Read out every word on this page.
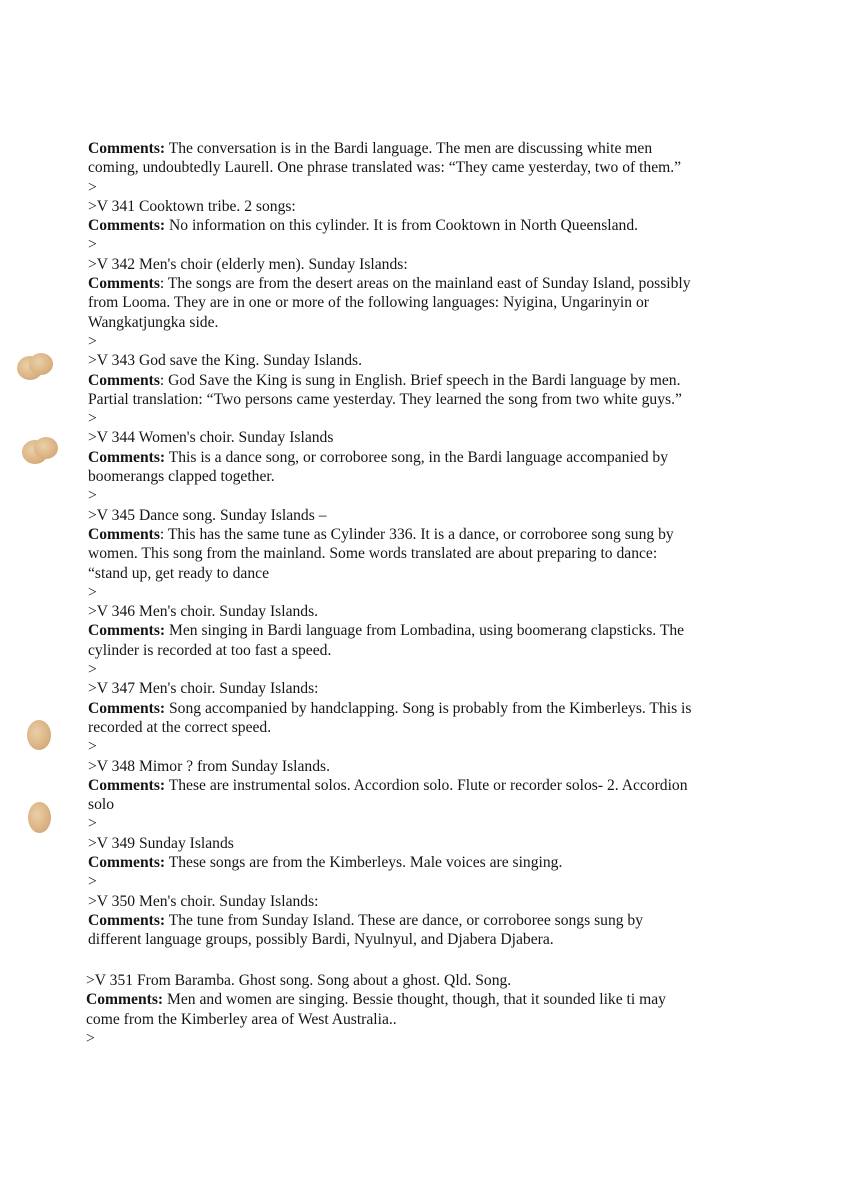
Comments: The conversation is in the Bardi language. The men are discussing white men
coming, undoubtedly Laurell. One phrase translated was: “They came yesterday, two of them.”
>
>V 341 Cooktown tribe. 2 songs:
Comments: No information on this cylinder. It is from Cooktown in North Queensland.
>
>V 342 Men's choir (elderly men). Sunday Islands:
Comments: The songs are from the desert areas on the mainland east of Sunday Island, possibly
from Looma. They are in one or more of the following languages: Nyigina, Ungarinyin or
Wangkatjungka side.
>
>V 343 God save the King. Sunday Islands.
Comments: God Save the King is sung in English. Brief speech in the Bardi language by men.
Partial translation: “Two persons came yesterday. They learned the song from two white guys.”
>
>V 344 Women's choir. Sunday Islands
Comments: This is a dance song, or corroboree song, in the Bardi language accompanied by
boomerangs clapped together.
>
>V 345 Dance song. Sunday Islands –
Comments: This has the same tune as Cylinder 336. It is a dance, or corroboree song sung by
women. This song from the mainland. Some words translated are about preparing to dance:
“stand up, get ready to dance
>
>V 346 Men's choir. Sunday Islands.
Comments: Men singing in Bardi language from Lombadina, using boomerang clapsticks. The
cylinder is recorded at too fast a speed.
>
>V 347 Men's choir. Sunday Islands:
Comments: Song accompanied by handclapping. Song is probably from the Kimberleys. This is
recorded at the correct speed.
>
>V 348 Mimor ? from Sunday Islands.
Comments: These are instrumental solos. Accordion solo. Flute or recorder solos- 2. Accordion
solo
>
>V 349 Sunday Islands
Comments: These songs are from the Kimberleys. Male voices are singing.
>
>V 350 Men's choir. Sunday Islands:
Comments: The tune from Sunday Island. These are dance, or corroboree songs sung by
different language groups, possibly Bardi, Nyulnyul, and Djabera Djabera.
>V 351 From Baramba. Ghost song. Song about a ghost. Qld. Song.
Comments: Men and women are singing. Bessie thought, though, that it sounded like ti may
come from the Kimberley area of West Australia..
>
